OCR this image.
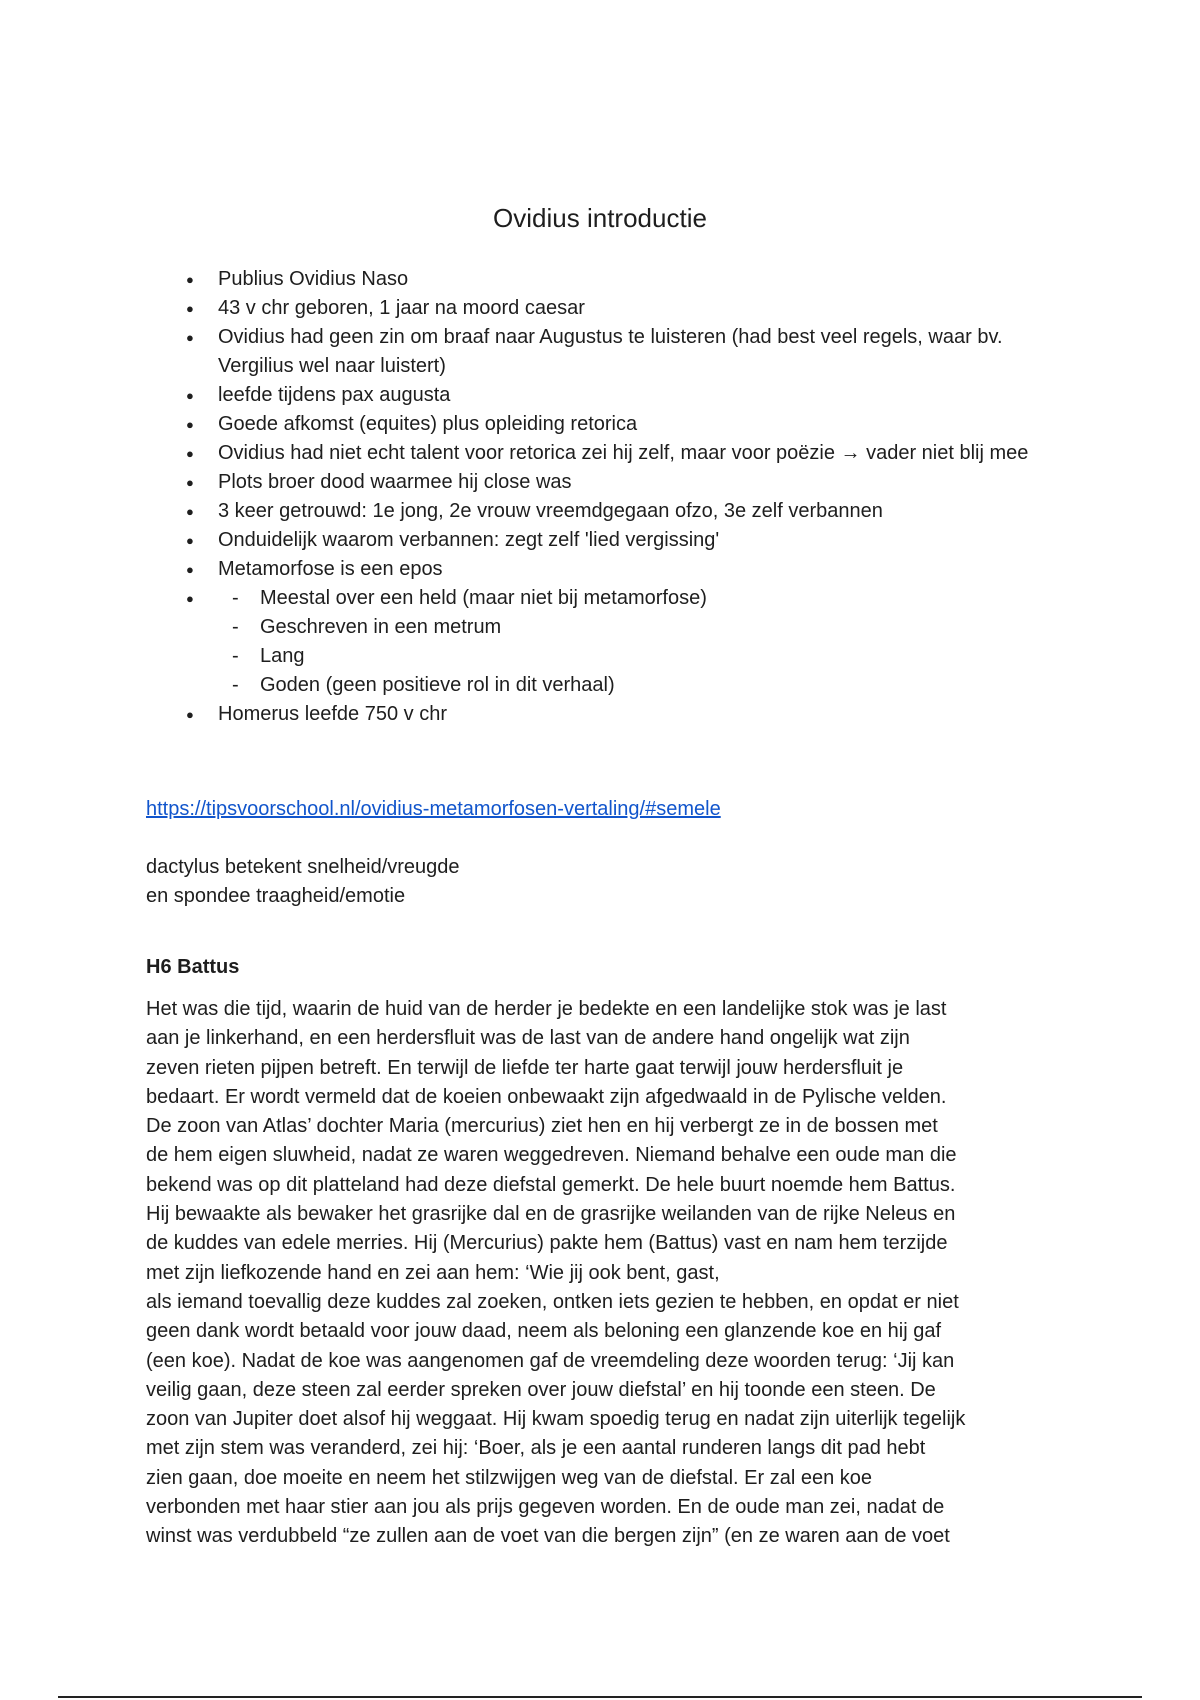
Ovidius introductie
● Publius Ovidius Naso
● 43 v chr geboren, 1 jaar na moord caesar
● Ovidius had geen zin om braaf naar Augustus te luisteren (had best veel regels, waar bv. Vergilius wel naar luistert)
● leefde tijdens pax augusta
● Goede afkomst (equites) plus opleiding retorica
● Ovidius had niet echt talent voor retorica zei hij zelf, maar voor poëzie → vader niet blij mee
● Plots broer dood waarmee hij close was
● 3 keer getrouwd: 1e jong, 2e vrouw vreemdgegaan ofzo, 3e zelf verbannen
● Onduidelijk waarom verbannen: zegt zelf 'lied vergissing'
● Metamorfose is een epos
- ● Meestal over een held (maar niet bij metamorfose)
- Geschreven in een metrum
- Lang
- Goden (geen positieve rol in dit verhaal)
● Homerus leefde 750 v chr
https://tipsvoorschool.nl/ovidius-metamorfosen-vertaling/#semele

dactylus betekent snelheid/vreugde
en spondee traagheid/emotie

H6 Battus

Het was die tijd, waarin de huid van de herder je bedekte en een landelijke stok was je last
aan je linkerhand, en een herdersfluit was de last van de andere hand ongelijk wat zijn
zeven rieten pijpen betreft. En terwijl de liefde ter harte gaat terwijl jouw herdersfluit je
bedaart. Er wordt vermeld dat de koeien onbewaakt zijn afgedwaald in de Pylische velden.
De zoon van Atlas’ dochter Maria (mercurius) ziet hen en hij verbergt ze in de bossen met
de hem eigen sluwheid, nadat ze waren weggedreven. Niemand behalve een oude man die
bekend was op dit platteland had deze diefstal gemerkt. De hele buurt noemde hem Battus.
Hij bewaakte als bewaker het grasrijke dal en de grasrijke weilanden van de rijke Neleus en
de kuddes van edele merries. Hij (Mercurius) pakte hem (Battus) vast en nam hem terzijde
met zijn liefkozende hand en zei aan hem: ‘Wie jij ook bent, gast,
als iemand toevallig deze kuddes zal zoeken, ontken iets gezien te hebben, en opdat er niet
geen dank wordt betaald voor jouw daad, neem als beloning een glanzende koe en hij gaf
(een koe). Nadat de koe was aangenomen gaf de vreemdeling deze woorden terug: ‘Jij kan
veilig gaan, deze steen zal eerder spreken over jouw diefstal’ en hij toonde een steen. De
zoon van Jupiter doet alsof hij weggaat. Hij kwam spoedig terug en nadat zijn uiterlijk tegelijk
met zijn stem was veranderd, zei hij: ‘Boer, als je een aantal runderen langs dit pad hebt
zien gaan, doe moeite en neem het stilzwijgen weg van de diefstal. Er zal een koe
verbonden met haar stier aan jou als prijs gegeven worden. En de oude man zei, nadat de
winst was verdubbeld “ze zullen aan de voet van die bergen zijn” (en ze waren aan de voet
